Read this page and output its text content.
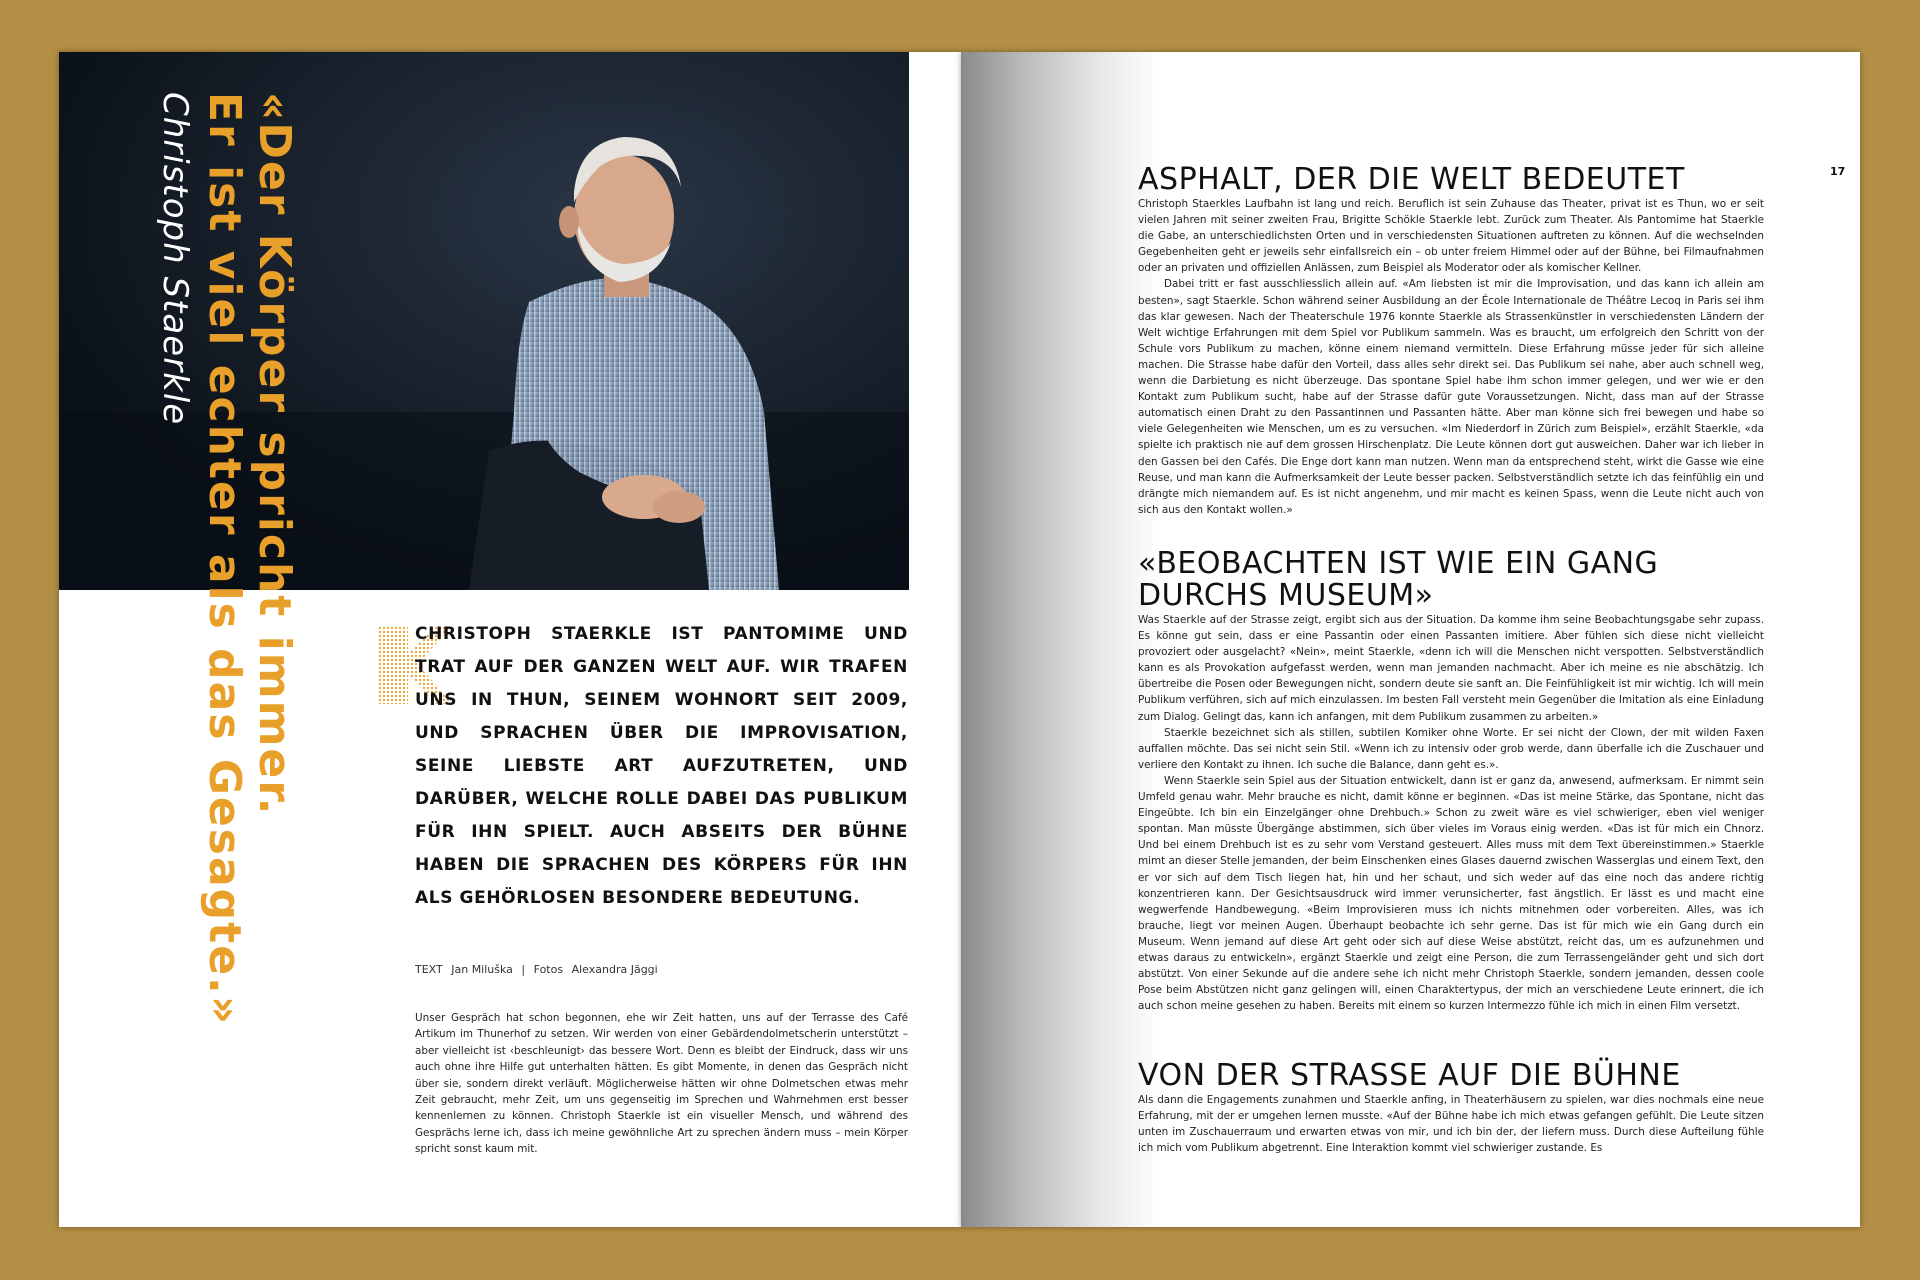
«Der Körper spricht immer.
Er ist viel echter als das Gesagte.»
Christoph Staerkle
CHRISTOPH STAERKLE IST PANTOMIME UND TRAT AUF DER GANZEN WELT AUF. WIR TRAFEN UNS IN THUN, SEINEM WOHNORT SEIT 2009, UND SPRACHEN ÜBER DIE IMPROVISATION, SEINE LIEBSTE ART AUFZUTRETEN, UND DARÜBER, WELCHE ROLLE DABEI DAS PUBLIKUM FÜR IHN SPIELT. AUCH ABSEITS DER BÜHNE HABEN DIE SPRACHEN DES KÖRPERS FÜR IHN ALS GEHÖRLOSEN BESONDERE BEDEUTUNG.
TEXT Jan Miluška | Fotos Alexandra Jäggi
Unser Gespräch hat schon begonnen, ehe wir Zeit hatten, uns auf der Terrasse des Café Artikum im Thunerhof zu setzen. Wir werden von einer Gebärdendolmetscherin unterstützt – aber vielleicht ist ‹beschleunigt› das bessere Wort. Denn es bleibt der Eindruck, dass wir uns auch ohne ihre Hilfe gut unterhalten hätten. Es gibt Momente, in denen das Gespräch nicht über sie, sondern direkt verläuft. Möglicherweise hätten wir ohne Dolmetschen etwas mehr Zeit gebraucht, mehr Zeit, um uns gegenseitig im Sprechen und Wahrnehmen erst besser kennenlernen zu können. Christoph Staerkle ist ein visueller Mensch, und während des Gesprächs lerne ich, dass ich meine gewöhnliche Art zu sprechen ändern muss – mein Körper spricht sonst kaum mit.
17
ASPHALT, DER DIE WELT BEDEUTET

Christoph Staerkles Laufbahn ist lang und reich. Beruflich ist sein Zuhause das Theater, privat ist es Thun, wo er seit vielen Jahren mit seiner zweiten Frau, Brigitte Schökle Staerkle lebt. Zurück zum Theater. Als Pantomime hat Staerkle die Gabe, an unterschiedlichsten Orten und in verschiedensten Situationen auftreten zu können. Auf die wechselnden Gegebenheiten geht er jeweils sehr einfallsreich ein – ob unter freiem Himmel oder auf der Bühne, bei Filmaufnahmen oder an privaten und offiziellen Anlässen, zum Beispiel als Moderator oder als komischer Kellner.

Dabei tritt er fast ausschliesslich allein auf. «Am liebsten ist mir die Improvisation, und das kann ich allein am besten», sagt Staerkle. Schon während seiner Ausbildung an der École Internationale de Théâtre Lecoq in Paris sei ihm das klar gewesen. Nach der Theaterschule 1976 konnte Staerkle als Strassenkünstler in verschiedensten Ländern der Welt wichtige Erfahrungen mit dem Spiel vor Publikum sammeln. Was es braucht, um erfolgreich den Schritt von der Schule vors Publikum zu machen, könne einem niemand vermitteln. Diese Erfahrung müsse jeder für sich alleine machen. Die Strasse habe dafür den Vorteil, dass alles sehr direkt sei. Das Publikum sei nahe, aber auch schnell weg, wenn die Darbietung es nicht überzeuge. Das spontane Spiel habe ihm schon immer gelegen, und wer wie er den Kontakt zum Publikum sucht, habe auf der Strasse dafür gute Voraussetzungen. Nicht, dass man auf der Strasse automatisch einen Draht zu den Passantinnen und Passanten hätte. Aber man könne sich frei bewegen und habe so viele Gelegenheiten wie Menschen, um es zu versuchen. «Im Niederdorf in Zürich zum Beispiel», erzählt Staerkle, «da spielte ich praktisch nie auf dem grossen Hirschenplatz. Die Leute können dort gut ausweichen. Daher war ich lieber in den Gassen bei den Cafés. Die Enge dort kann man nutzen. Wenn man da entsprechend steht, wirkt die Gasse wie eine Reuse, und man kann die Aufmerksamkeit der Leute besser packen. Selbstverständlich setzte ich das feinfühlig ein und drängte mich niemandem auf. Es ist nicht angenehm, und mir macht es keinen Spass, wenn die Leute nicht auch von sich aus den Kontakt wollen.»

«BEOBACHTEN IST WIE EIN GANG DURCHS MUSEUM»

Was Staerkle auf der Strasse zeigt, ergibt sich aus der Situation. Da komme ihm seine Beobachtungsgabe sehr zupass. Es könne gut sein, dass er eine Passantin oder einen Passanten imitiere. Aber fühlen sich diese nicht vielleicht provoziert oder ausgelacht? «Nein», meint Staerkle, «denn ich will die Menschen nicht verspotten. Selbstverständlich kann es als Provokation aufgefasst werden, wenn man jemanden nachmacht. Aber ich meine es nie abschätzig. Ich übertreibe die Posen oder Bewegungen nicht, sondern deute sie sanft an. Die Feinfühligkeit ist mir wichtig. Ich will mein Publikum verführen, sich auf mich einzulassen. Im besten Fall versteht mein Gegenüber die Imitation als eine Einladung zum Dialog. Gelingt das, kann ich anfangen, mit dem Publikum zusammen zu arbeiten.»

Staerkle bezeichnet sich als stillen, subtilen Komiker ohne Worte. Er sei nicht der Clown, der mit wilden Faxen auffallen möchte. Das sei nicht sein Stil. «Wenn ich zu intensiv oder grob werde, dann überfalle ich die Zuschauer und verliere den Kontakt zu ihnen. Ich suche die Balance, dann geht es.».

Wenn Staerkle sein Spiel aus der Situation entwickelt, dann ist er ganz da, anwesend, aufmerksam. Er nimmt sein Umfeld genau wahr. Mehr brauche es nicht, damit könne er beginnen. «Das ist meine Stärke, das Spontane, nicht das Eingeübte. Ich bin ein Einzelgänger ohne Drehbuch.» Schon zu zweit wäre es viel schwieriger, eben viel weniger spontan. Man müsste Übergänge abstimmen, sich über vieles im Voraus einig werden. «Das ist für mich ein Chnorz. Und bei einem Drehbuch ist es zu sehr vom Verstand gesteuert. Alles muss mit dem Text übereinstimmen.» Staerkle mimt an dieser Stelle jemanden, der beim Einschenken eines Glases dauernd zwischen Wasserglas und einem Text, den er vor sich auf dem Tisch liegen hat, hin und her schaut, und sich weder auf das eine noch das andere richtig konzentrieren kann. Der Gesichtsausdruck wird immer verunsicherter, fast ängstlich. Er lässt es und macht eine wegwerfende Handbewegung. «Beim Improvisieren muss ich nichts mitnehmen oder vorbereiten. Alles, was ich brauche, liegt vor meinen Augen. Überhaupt beobachte ich sehr gerne. Das ist für mich wie ein Gang durch ein Museum. Wenn jemand auf diese Art geht oder sich auf diese Weise abstützt, reicht das, um es aufzunehmen und etwas daraus zu entwickeln», ergänzt Staerkle und zeigt eine Person, die zum Terrassengeländer geht und sich dort abstützt. Von einer Sekunde auf die andere sehe ich nicht mehr Christoph Staerkle, sondern jemanden, dessen coole Pose beim Abstützen nicht ganz gelingen will, einen Charaktertypus, der mich an verschiedene Leute erinnert, die ich auch schon meine gesehen zu haben. Bereits mit einem so kurzen Intermezzo fühle ich mich in einen Film versetzt.

VON DER STRASSE AUF DIE BÜHNE

Als dann die Engagements zunahmen und Staerkle anfing, in Theaterhäusern zu spielen, war dies nochmals eine neue Erfahrung, mit der er umgehen lernen musste. «Auf der Bühne habe ich mich etwas gefangen gefühlt. Die Leute sitzen unten im Zuschauerraum und erwarten etwas von mir, und ich bin der, der liefern muss. Durch diese Aufteilung fühle ich mich vom Publikum abgetrennt. Eine Interaktion kommt viel schwieriger zustande. Es
